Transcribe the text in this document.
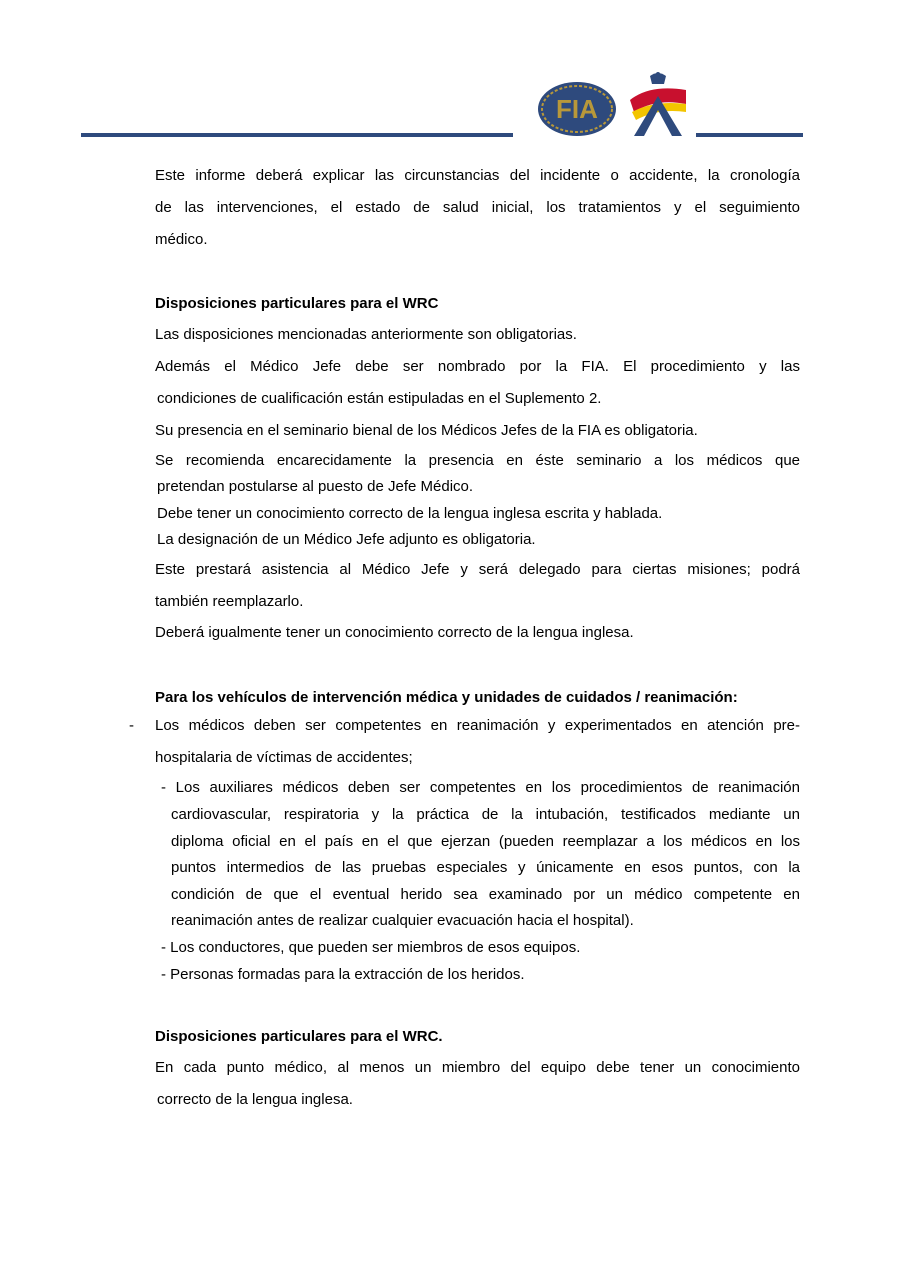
FIA
A
Este informe deberá explicar las circunstancias del incidente o accidente, la cronología
de las intervenciones, el estado de salud inicial, los tratamientos y el seguimiento
médico.
Disposiciones particulares para el WRC
Las disposiciones mencionadas anteriormente son obligatorias.
Además el Médico Jefe debe ser nombrado por la FIA. El procedimiento y las
condiciones de cualificación están estipuladas en el Suplemento 2.
Su presencia en el seminario bienal de los Médicos Jefes de la FIA es obligatoria.
Se recomienda encarecidamente la presencia en éste seminario a los médicos que
pretendan postularse al puesto de Jefe Médico.
Debe tener un conocimiento correcto de la lengua inglesa escrita y hablada.
La designación de un Médico Jefe adjunto es obligatoria.
Este prestará asistencia al Médico Jefe y será delegado para ciertas misiones; podrá
también reemplazarlo.
Deberá igualmente tener un conocimiento correcto de la lengua inglesa.
Para los vehículos de intervención médica y unidades de cuidados / reanimación:
- Los médicos deben ser competentes en reanimación y experimentados en atención pre-
hospitalaria de víctimas de accidentes;
- Los auxiliares médicos deben ser competentes en los procedimientos de reanimación
cardiovascular, respiratoria y la práctica de la intubación, testificados mediante un
diploma oficial en el país en el que ejerzan (pueden reemplazar a los médicos en los
puntos intermedios de las pruebas especiales y únicamente en esos puntos, con la
condición de que el eventual herido sea examinado por un médico competente en
reanimación antes de realizar cualquier evacuación hacia el hospital).
- Los conductores, que pueden ser miembros de esos equipos.
- Personas formadas para la extracción de los heridos.
Disposiciones particulares para el WRC.
En cada punto médico, al menos un miembro del equipo debe tener un conocimiento
correcto de la lengua inglesa.
